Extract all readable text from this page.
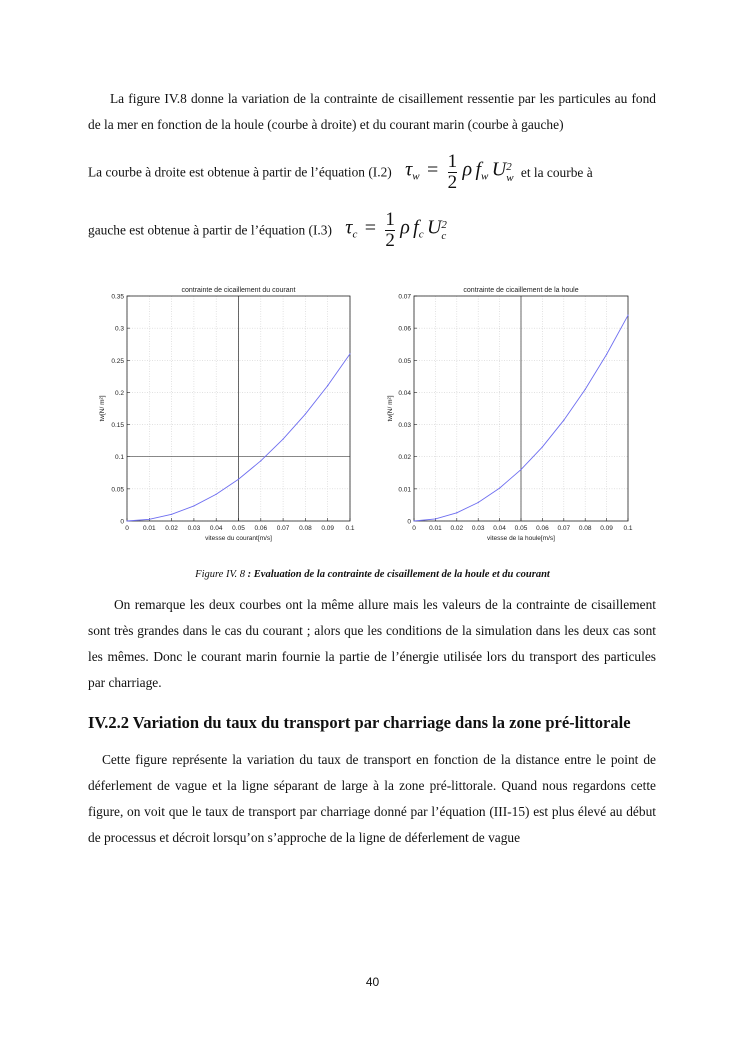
La figure IV.8 donne la variation de la contrainte de cisaillement ressentie par les particules au fond de la mer en fonction de la houle (courbe à droite) et du courant marin (courbe à gauche)
La courbe à droite est obtenue à partir de l’équation (I.2) $\tau_w = \frac{1}{2}$ ρ $f_w$ U 2
w et la courbe à
gauche est obtenue à partir de l’équation (I.3) $\tau_c = \frac{1}{2}$ ρ $f_c$ U 2
c
contrainte de cicaillement du courant
0 0.01 0.02 0.03 0.04 0.05 0.06 0.07 0.08 0.09 0.1
0
0.05
0.1
0.15
0.2
0.25
0.3
0.35
vitesse du courant[m/s]
tw[N/ m²]
contrainte de cicaillement de la houle
0 0.01 0.02 0.03 0.04 0.05 0.06 0.07 0.08 0.09 0.1
0
0.01
0.02
0.03
0.04
0.05
0.06
0.07
vitesse de la houle[m/s]
tw[N/ m²]
Figure IV. 8 : Evaluation de la contrainte de cisaillement de la houle et du courant
On remarque les deux courbes ont la même allure mais les valeurs de la contrainte de cisaillement sont très grandes dans le cas du courant ; alors que les conditions de la simulation dans les deux cas sont les mêmes. Donc le courant marin fournie la partie de l’énergie utilisée lors du transport des particules par charriage.
IV.2.2 Variation du taux du transport par charriage dans la zone pré-littorale
Cette figure représente la variation du taux de transport en fonction de la distance entre le point de déferlement de vague et la ligne séparant de large à la zone pré-littorale. Quand nous regardons cette figure, on voit que le taux de transport par charriage donné par l’équation (III-15) est plus élevé au début de processus et décroit lorsqu’on s’approche de la ligne de déferlement de vague
40
